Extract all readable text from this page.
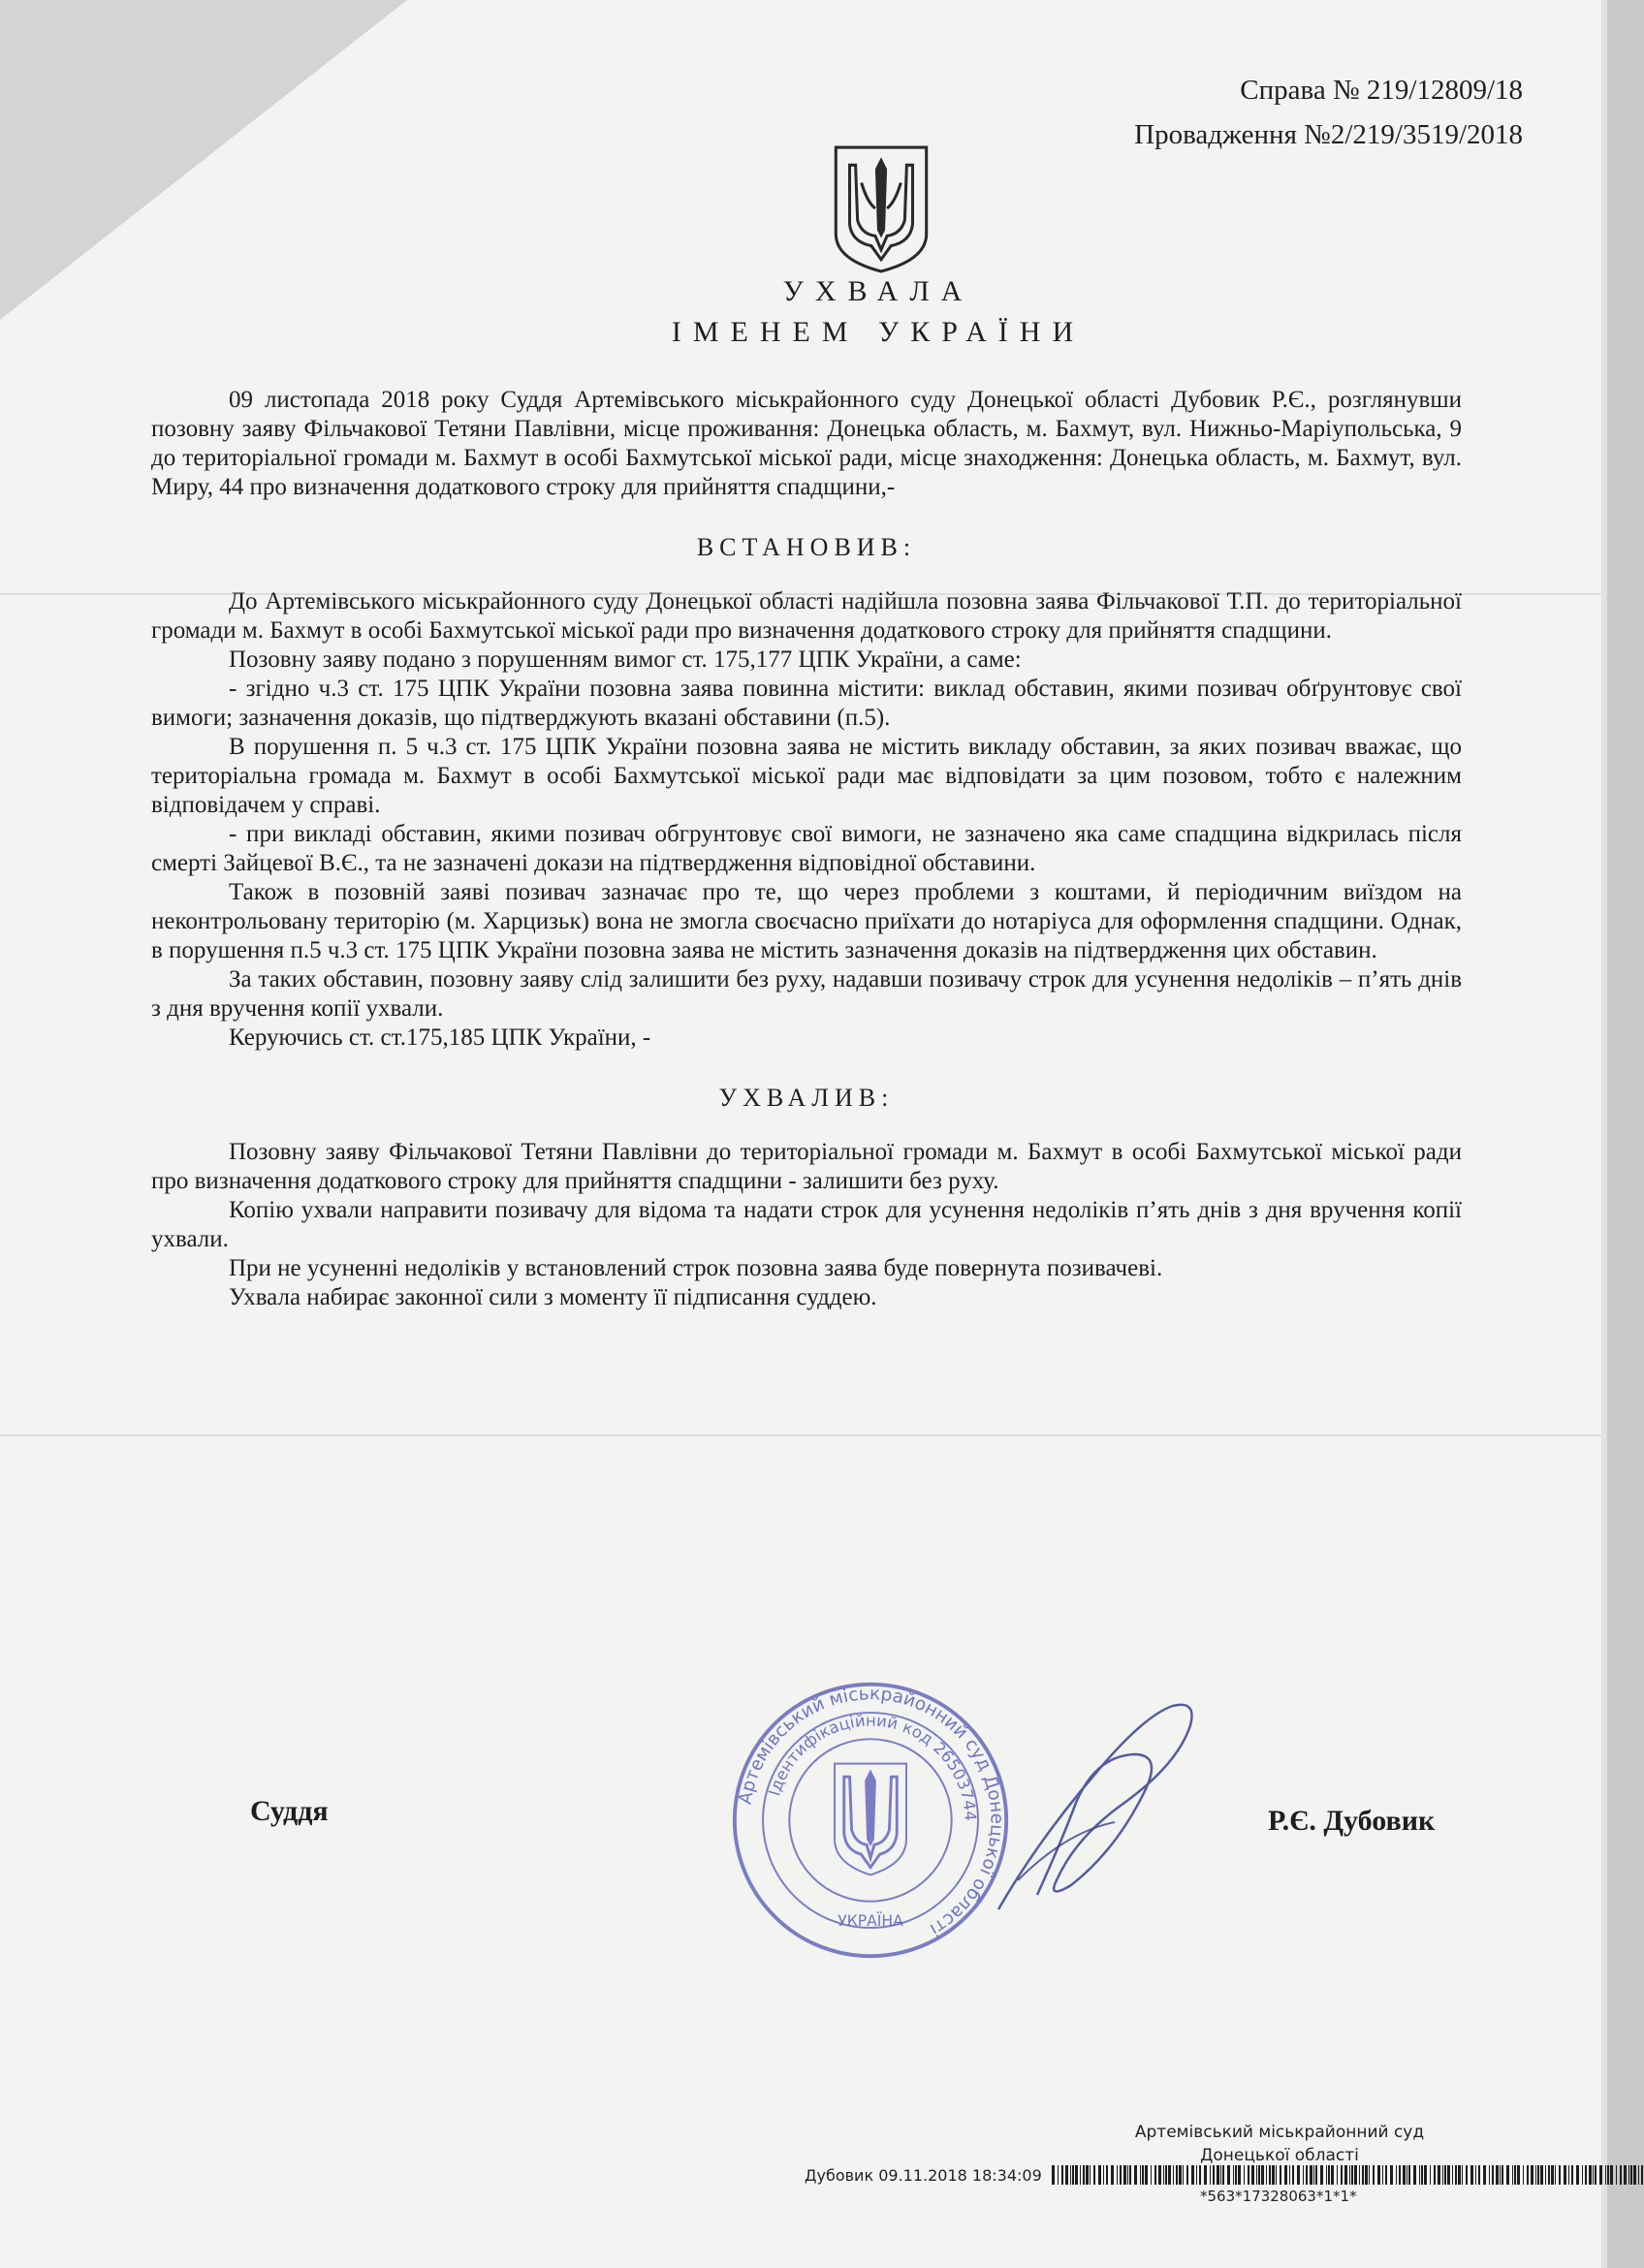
Справа № 219/12809/18
Провадження №2/219/3519/2018
УХВАЛА
ІМЕНЕМ УКРАЇНИ

09 листопада 2018 року Суддя Артемівського міськрайонного суду Донецької області Дубовик Р.Є., розглянувши позовну заяву Фільчакової Тетяни Павлівни, місце проживання: Донецька область, м. Бахмут, вул. Нижньо-Маріупольська, 9 до територіальної громади м. Бахмут в особі Бахмутської міської ради, місце знаходження: Донецька область, м. Бахмут, вул. Миру, 44 про визначення додаткового строку для прийняття спадщини,-

ВСТАНОВИВ:

До Артемівського міськрайонного суду Донецької області надійшла позовна заява Фільчакової Т.П. до територіальної громади м. Бахмут в особі Бахмутської міської ради про визначення додаткового строку для прийняття спадщини.

Позовну заяву подано з порушенням вимог ст. 175,177 ЦПК України, а саме:

- згідно ч.3 ст. 175 ЦПК України позовна заява повинна містити: виклад обставин, якими позивач обґрунтовує свої вимоги; зазначення доказів, що підтверджують вказані обставини (п.5).

В порушення п. 5 ч.3 ст. 175 ЦПК України позовна заява не містить викладу обставин, за яких позивач вважає, що територіальна громада м. Бахмут в особі Бахмутської міської ради має відповідати за цим позовом, тобто є належним відповідачем у справі.

- при викладі обставин, якими позивач обгрунтовує свої вимоги, не зазначено яка саме спадщина відкрилась після смерті Зайцевої В.Є., та не зазначені докази на підтвердження відповідної обставини.

Також в позовній заяві позивач зазначає про те, що через проблеми з коштами, й періодичним виїздом на неконтрольовану територію (м. Харцизьк) вона не змогла своєчасно приїхати до нотаріуса для оформлення спадщини. Однак, в порушення п.5 ч.3 ст. 175 ЦПК України позовна заява не містить зазначення доказів на підтвердження цих обставин.

За таких обставин, позовну заяву слід залишити без руху, надавши позивачу строк для усунення недоліків – п’ять днів з дня вручення копії ухвали.

Керуючись ст. ст.175,185 ЦПК України, -

УХВАЛИВ:

Позовну заяву Фільчакової Тетяни Павлівни до територіальної громади м. Бахмут в особі Бахмутської міської ради про визначення додаткового строку для прийняття спадщини - залишити без руху.

Копію ухвали направити позивачу для відома та надати строк для усунення недоліків п’ять днів з дня вручення копії ухвали.

При не усуненні недоліків у встановлений строк позовна заява буде повернута позивачеві.

Ухвала набирає законної сили з моменту її підписання суддею.

Суддя	Р.Є. Дубовик
Артемівський міськрайонний суд Донецької області
Ідентифікаційний код 26503744
УКРАЇНА
Артемівський міськрайонний суд
Донецької області
Дубовик 09.11.2018 18:34:09
*563*17328063*1*1*
